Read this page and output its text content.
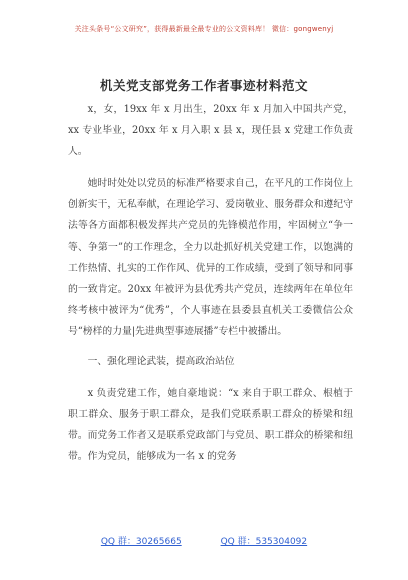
关注头条号“公文研究”，获得最新最全最专业的公文资料库！ 微信：gongwenyj
机关党支部党务工作者事迹材料范文

x，女，19xx 年 x 月出生，20xx 年 x 月加入中国共产党，xx 专业毕业，20xx 年 x 月入职 x 县 x，现任县 x 党建工作负责人。

她时时处处以党员的标准严格要求自己，在平凡的工作岗位上创新实干，无私奉献，在理论学习、爱岗敬业、服务群众和遵纪守法等各方面都积极发挥共产党员的先锋模范作用，牢固树立“争一等、争第一”的工作理念，全力以赴抓好机关党建工作，以饱满的工作热情、扎实的工作作风、优异的工作成绩，受到了领导和同事的一致肯定。20xx 年被评为县优秀共产党员，连续两年在单位年终考核中被评为“优秀”，个人事迹在县委县直机关工委微信公众号“榜样的力量|先进典型事迹展播”专栏中被播出。

一、强化理论武装，提高政治站位

x 负责党建工作，她自豪地说：“x 来自于职工群众、根植于职工群众、服务于职工群众，是我们党联系职工群众的桥梁和纽带。而党务工作者又是联系党政部门与党员、职工群众的桥梁和纽带。作为党员，能够成为一名 x 的党务

QQ 群：30265665	QQ 群：535304092
